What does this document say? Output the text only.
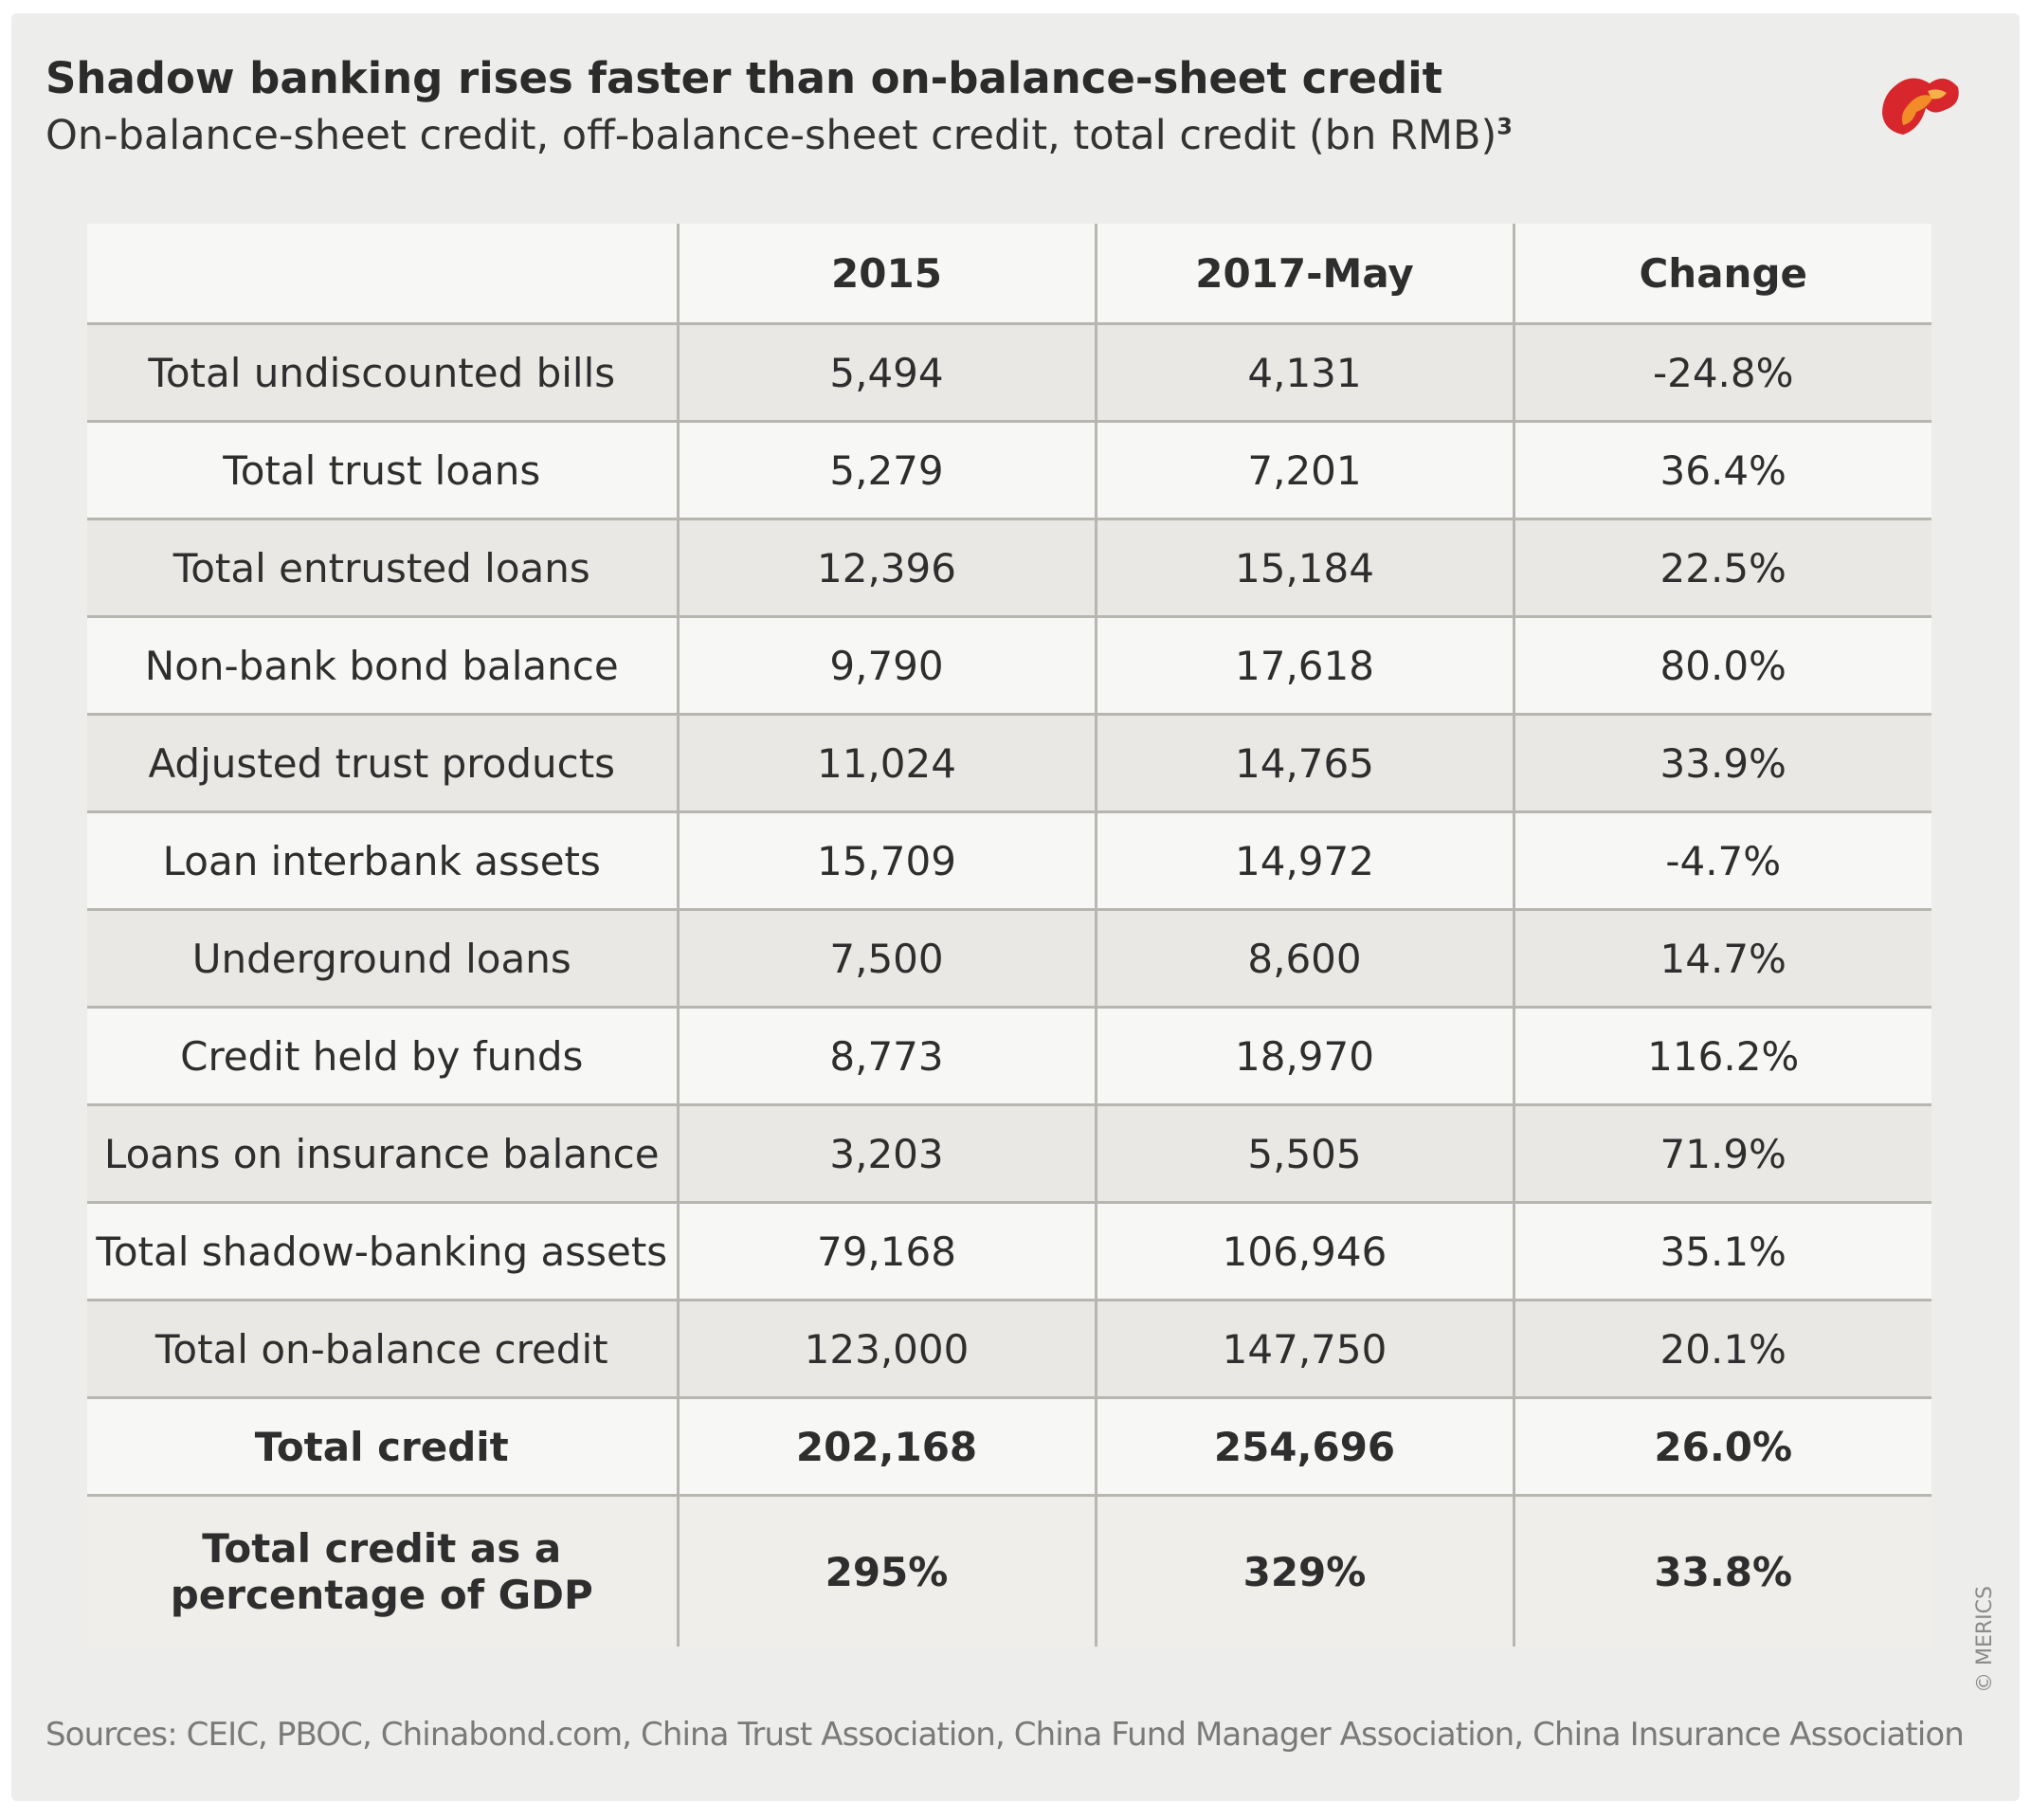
Shadow banking rises faster than on-balance-sheet credit
On-balance-sheet credit, off-balance-sheet credit, total credit (bn RMB)$^3$
	2015	2017-May	Change
Total undiscounted bills	5,494	4,131	-24.8%
Total trust loans	5,279	7,201	36.4%
Total entrusted loans	12,396	15,184	22.5%
Non-bank bond balance	9,790	17,618	80.0%
Adjusted trust products	11,024	14,765	33.9%
Loan interbank assets	15,709	14,972	-4.7%
Underground loans	7,500	8,600	14.7%
Credit held by funds	8,773	18,970	116.2%
Loans on insurance balance	3,203	5,505	71.9%
Total shadow-banking assets	79,168	106,946	35.1%
Total on-balance credit	123,000	147,750	20.1%
Total credit	202,168	254,696	26.0%
Total credit as a percentage of GDP	295%	329%	33.8%
Sources: CEIC, PBOC, Chinabond.com, China Trust Association, China Fund Manager Association, China Insurance Association
© MERICS
